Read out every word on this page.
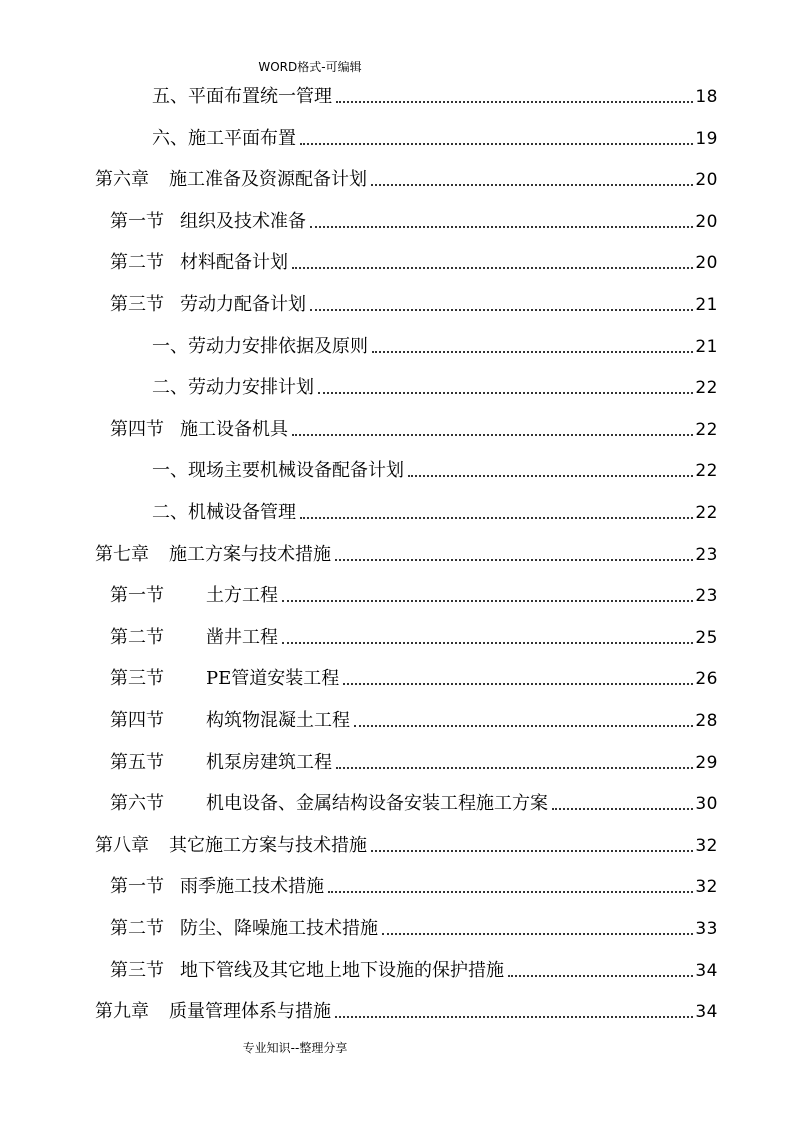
WORD格式-可编辑
五、 平面布置统一管理	18
六、 施工平面布置	19
第六章 施工准备及资源配备计划	20
第一节 组织及技术准备	20
第二节 材料配备计划	20
第三节 劳动力配备计划	21
一、 劳动力安排依据及原则	21
二、 劳动力安排计划	22
第四节 施工设备机具	22
一、 现场主要机械设备配备计划	22
二、 机械设备管理	22
第七章 施工方案与技术措施	23
第一节 土方工程	23
第二节 凿井工程	25
第三节 PE管道安装工程	26
第四节 构筑物混凝土工程	28
第五节 机泵房建筑工程	29
第六节 机电设备、金属结构设备安装工程施工方案	30
第八章 其它施工方案与技术措施	32
第一节 雨季施工技术措施	32
第二节 防尘、降噪施工技术措施	33
第三节 地下管线及其它地上地下设施的保护措施	34
第九章 质量管理体系与措施	34
专业知识--整理分享
